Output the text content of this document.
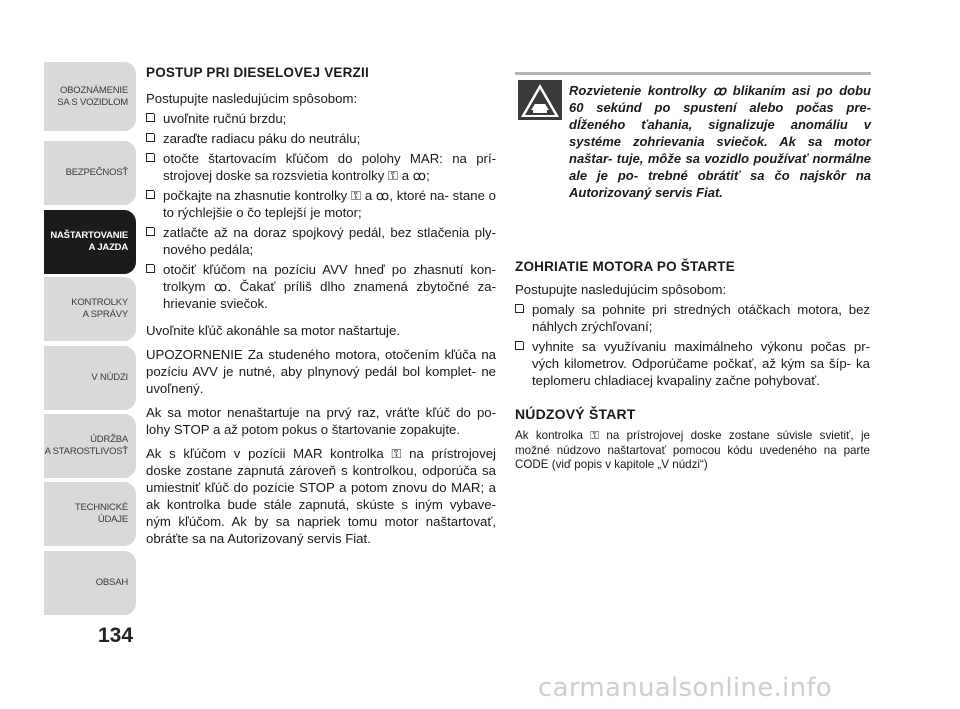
OBOZNÁMENIE
SA S VOZIDLOM
BEZPEČNOSŤ
NAŠTARTOVANIE
A JAZDA
KONTROLKY
A SPRÁVY
V NÚDZI
ÚDRŽBA
A STAROSTLIVOSŤ
TECHNICKÉ
ÚDAJE
OBSAH
134

POSTUP PRI DIESELOVEJ VERZII

Postupujte nasledujúcim spôsobom:

uvoľnite ručnú brzdu;
zaraďte radiacu páku do neutrálu;
otočte štartovacím kľúčom do polohy MAR: na prí- strojovej doske sa rozsvietia kontrolky ⚿ a ꝏ;
počkajte na zhasnutie kontrolky ⚿ a ꝏ, ktoré na- stane o to rýchlejšie o čo teplejší je motor;
zatlačte až na doraz spojkový pedál, bez stlačenia ply- nového pedála;
otočiť kľúčom na pozíciu AVV hneď po zhasnutí kon- trolkym ꝏ. Čakať príliš dlho znamená zbytočné za- hrievanie sviečok.

Uvoľnite kľúč akonáhle sa motor naštartuje.

UPOZORNENIE Za studeného motora, otočením kľúča na pozíciu AVV je nutné, aby plnynový pedál bol komplet- ne uvoľnený.

Ak sa motor nenaštartuje na prvý raz, vráťte kľúč do po- lohy STOP a až potom pokus o štartovanie zopakujte.

Ak s kľúčom v pozícii MAR kontrolka ⚿ na prístrojovej doske zostane zapnutá zároveň s kontrolkou, odporúča sa umiestniť kľúč do pozície STOP a potom znovu do MAR; a ak kontrolka bude stále zapnutá, skúste s iným vybave- ným kľúčom. Ak by sa napriek tomu motor naštartovať, obráťte sa na Autorizovaný servis Fiat.

Rozvietenie kontrolky ꝏ blikaním asi po dobu 60 sekúnd po spustení alebo počas pre- dĺženého ťahania, signalizuje anomáliu v systéme zohrievania sviečok. Ak sa motor naštar- tuje, môže sa vozidlo používať normálne ale je po- trebné obrátiť sa čo najskôr na Autorizovaný servis Fiat.

ZOHRIATIE MOTORA PO ŠTARTE

Postupujte nasledujúcim spôsobom:

pomaly sa pohnite pri stredných otáčkach motora, bez náhlych zrýchľovaní;
vyhnite sa využívaniu maximálneho výkonu počas pr- vých kilometrov. Odporúčame počkať, až kým sa šíp- ka teplomeru chladiacej kvapaliny začne pohybovať.

NÚDZOVÝ ŠTART

Ak kontrolka ⚿ na prístrojovej doske zostane súvisle svietiť, je možné núdzovo naštartovať pomocou kódu uvedeného na parte CODE (viď popis v kapitole „V núdzi“)

carmanualsonline.info
